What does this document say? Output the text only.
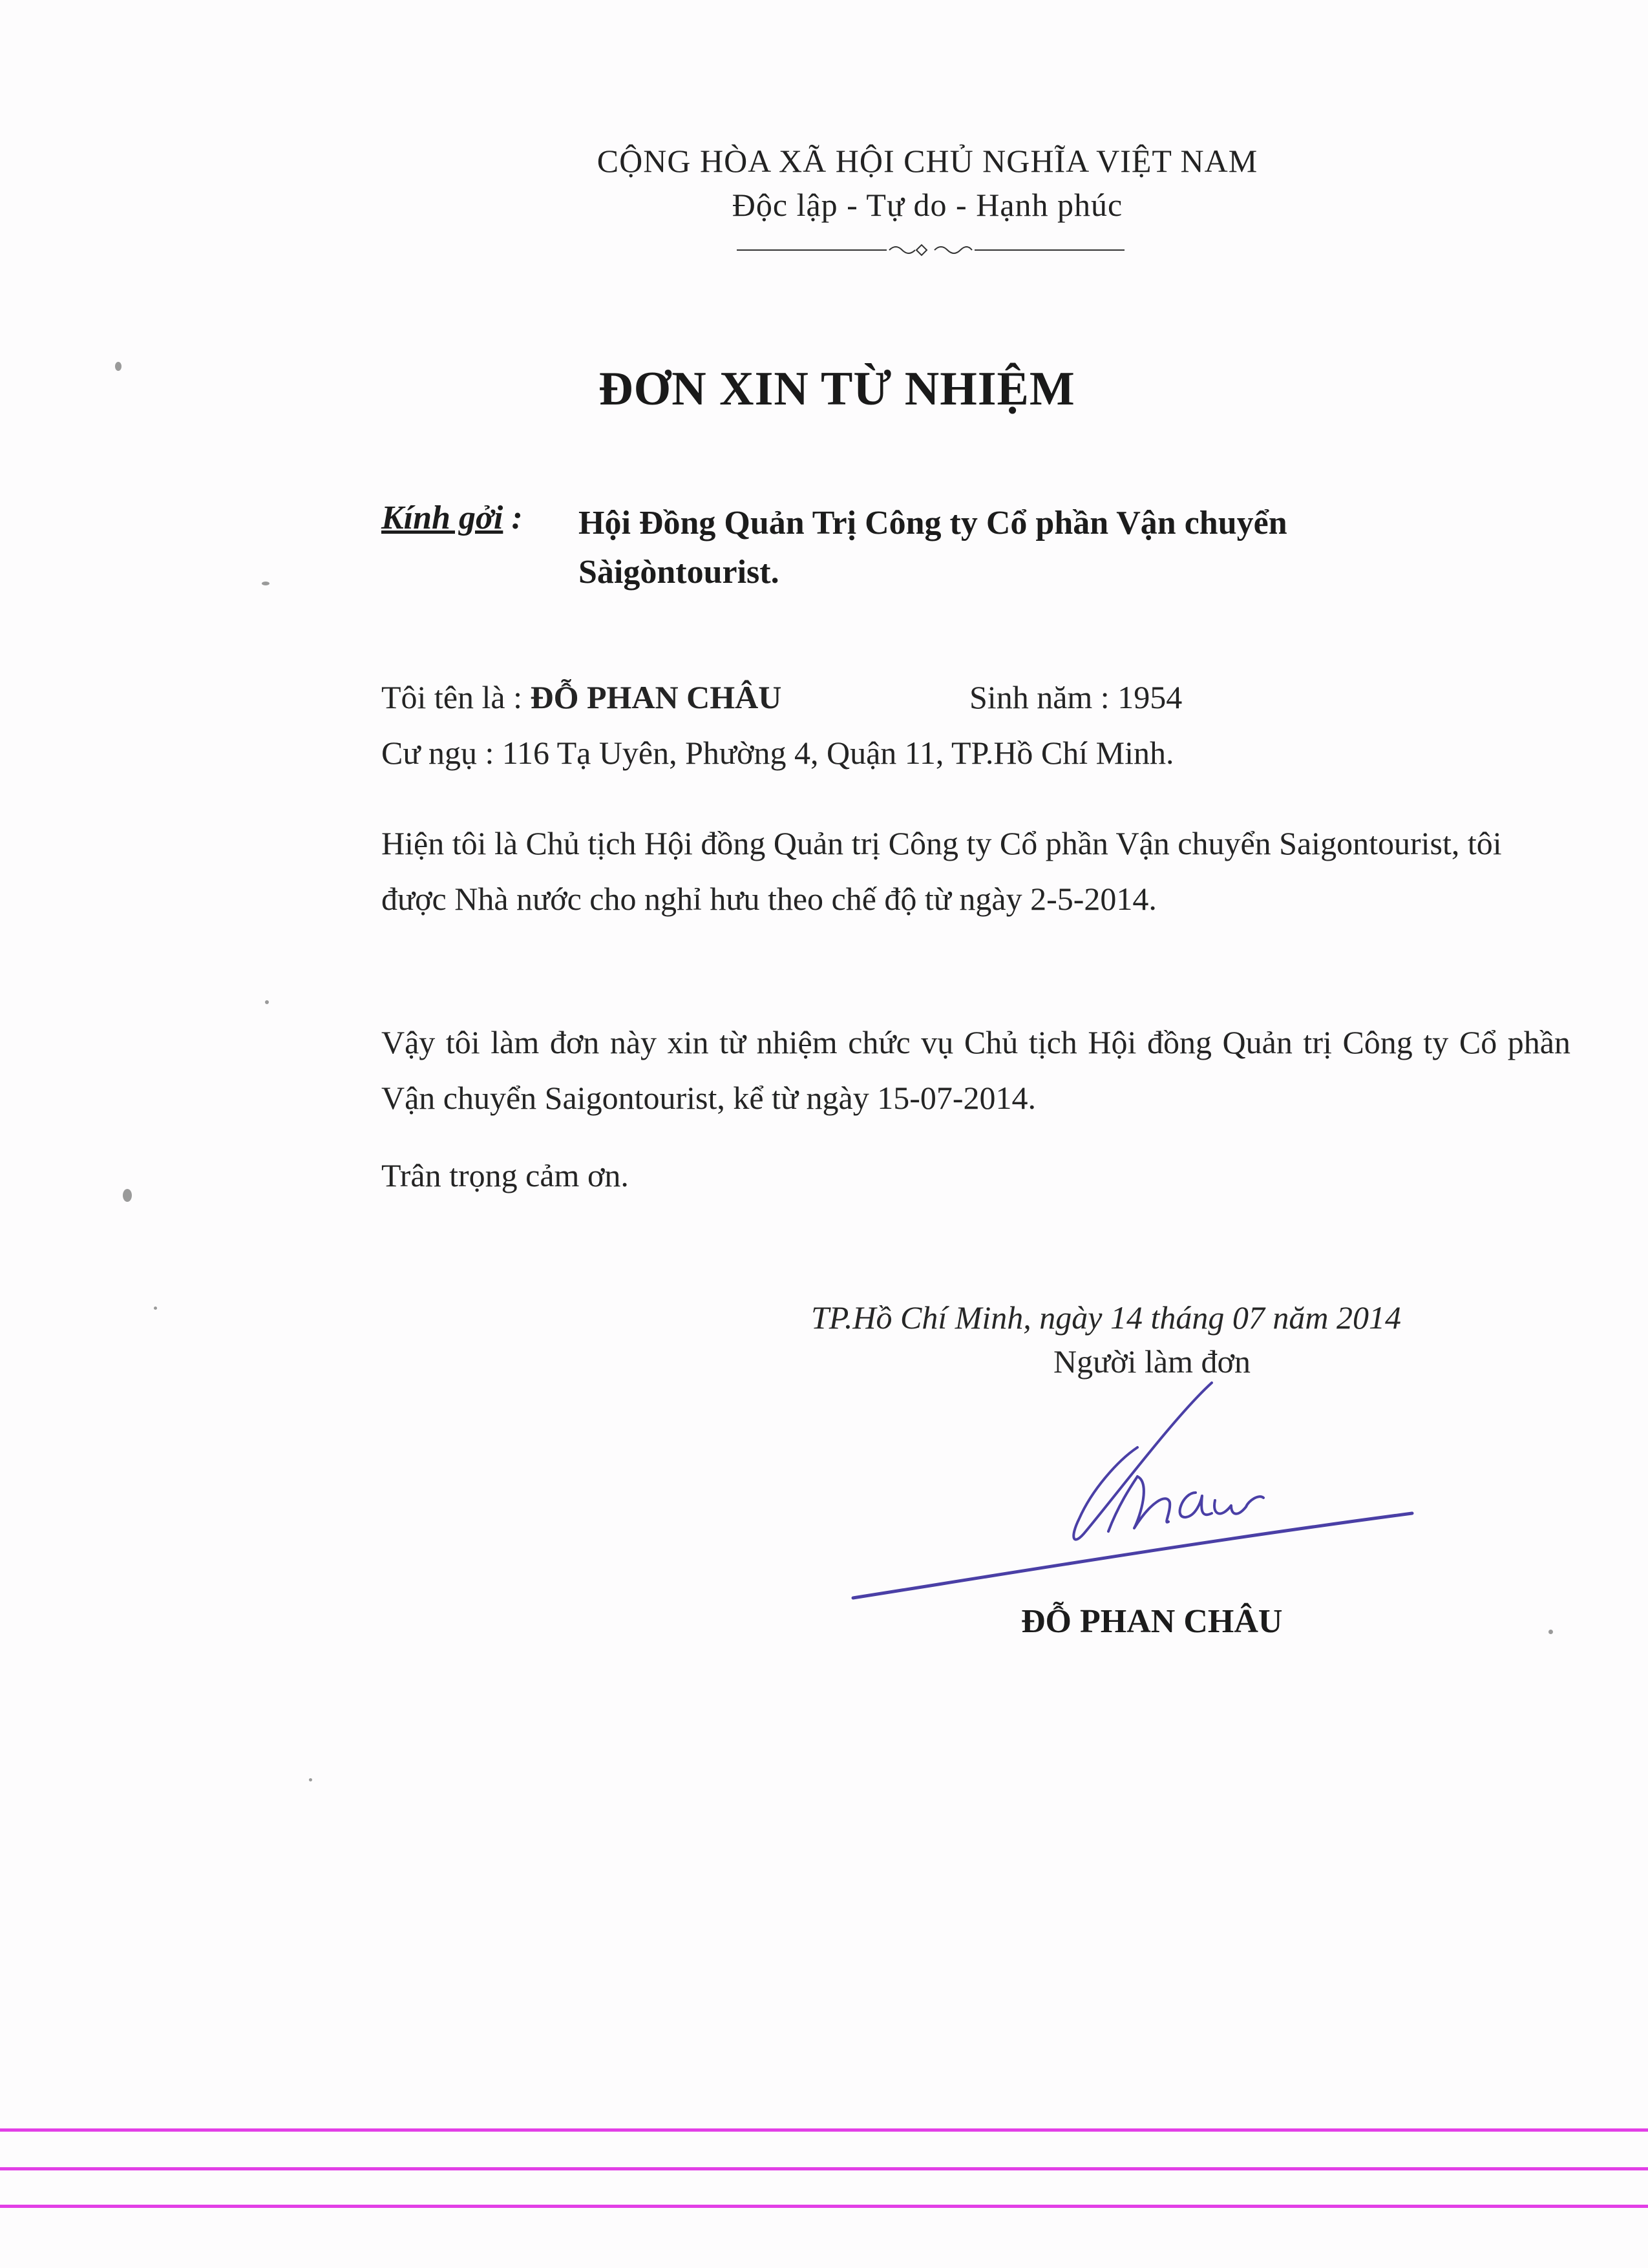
CỘNG HÒA XÃ HỘI CHỦ NGHĨA VIỆT NAM
Độc lập - Tự do - Hạnh phúc
ĐƠN XIN TỪ NHIỆM
Kính gởi : Hội Đồng Quản Trị Công ty Cổ phần Vận chuyển
Sàigòntourist.
Tôi tên là : ĐỖ PHAN CHÂU	Sinh năm : 1954
Cư ngụ : 116 Tạ Uyên, Phường 4, Quận 11, TP.Hồ Chí Minh.
Hiện tôi là Chủ tịch Hội đồng Quản trị Công ty Cổ phần Vận chuyển Saigontourist, tôi được Nhà nước cho nghỉ hưu theo chế độ từ ngày 2-5-2014.
Vậy tôi làm đơn này xin từ nhiệm chức vụ Chủ tịch Hội đồng Quản trị Công ty Cổ phần Vận chuyển Saigontourist, kể từ ngày 15-07-2014.
Trân trọng cảm ơn.
TP.Hồ Chí Minh, ngày 14 tháng 07 năm 2014
Người làm đơn
ĐỖ PHAN CHÂU
